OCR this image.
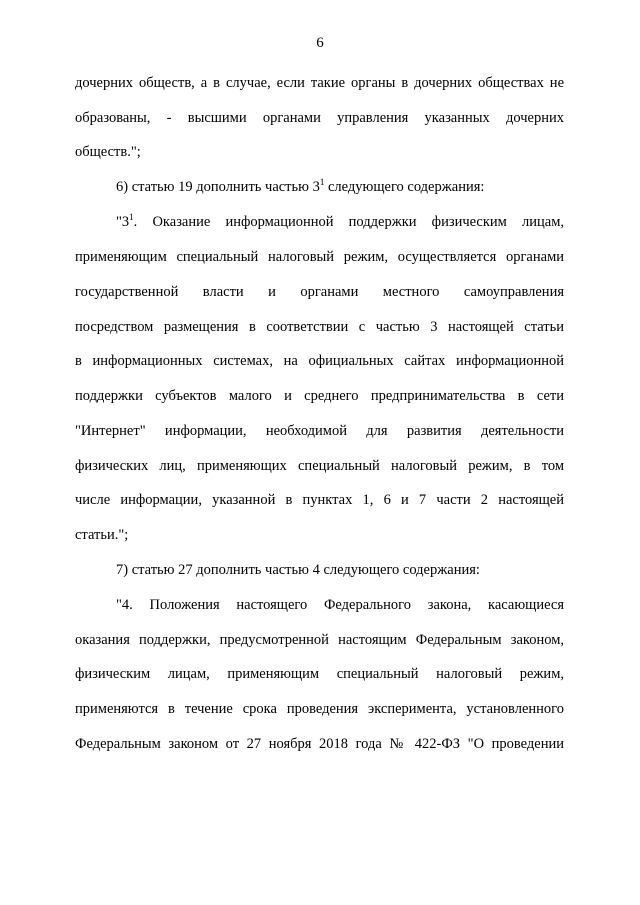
6
дочерних обществ, а в случае, если такие органы в дочерних обществах не
образованы, - высшими органами управления указанных дочерних
обществ.";
6) статью 19 дополнить частью $3^1$ следующего содержания:
"$3^1$. Оказание информационной поддержки физическим лицам,
применяющим специальный налоговый режим, осуществляется органами
государственной власти и органами местного самоуправления
посредством размещения в соответствии с частью 3 настоящей статьи
в информационных системах, на официальных сайтах информационной
поддержки субъектов малого и среднего предпринимательства в сети
"Интернет" информации, необходимой для развития деятельности
физических лиц, применяющих специальный налоговый режим, в том
числе информации, указанной в пунктах 1, 6 и 7 части 2 настоящей
статьи.";
7) статью 27 дополнить частью 4 следующего содержания:
"4. Положения настоящего Федерального закона, касающиеся
оказания поддержки, предусмотренной настоящим Федеральным законом,
физическим лицам, применяющим специальный налоговый режим,
применяются в течение срока проведения эксперимента, установленного
Федеральным законом от 27 ноября 2018 года № 422-ФЗ "О проведении
